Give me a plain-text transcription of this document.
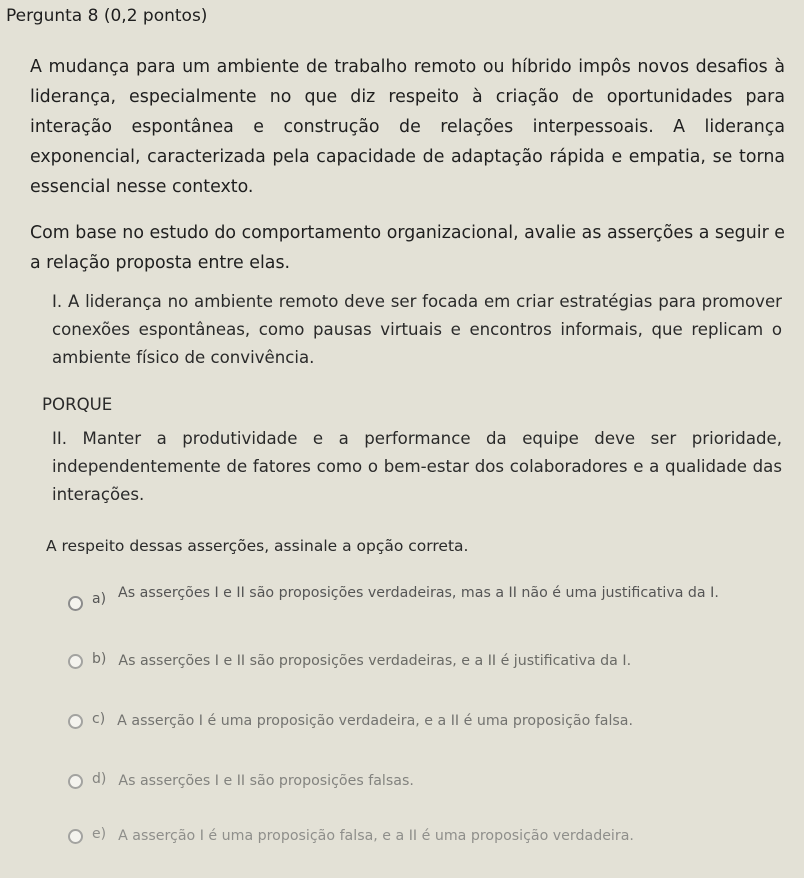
Pergunta 8 (0,2 pontos)
A mudança para um ambiente de trabalho remoto ou híbrido impôs novos desafios à liderança, especialmente no que diz respeito à criação de oportunidades para interação espontânea e construção de relações interpessoais. A liderança exponencial, caracterizada pela capacidade de adaptação rápida e empatia, se torna essencial nesse contexto.
Com base no estudo do comportamento organizacional, avalie as asserções a seguir e a relação proposta entre elas.
I. A liderança no ambiente remoto deve ser focada em criar estratégias para promover conexões espontâneas, como pausas virtuais e encontros informais, que replicam o ambiente físico de convivência.
PORQUE
II. Manter a produtividade e a performance da equipe deve ser prioridade, independentemente de fatores como o bem-estar dos colaboradores e a qualidade das interações.
A respeito dessas asserções, assinale a opção correta.
a) As asserções I e II são proposições verdadeiras, mas a II não é uma justificativa da I.
b) As asserções I e II são proposições verdadeiras, e a II é justificativa da I.
c) A asserção I é uma proposição verdadeira, e a II é uma proposição falsa.
d) As asserções I e II são proposições falsas.
e) A asserção I é uma proposição falsa, e a II é uma proposição verdadeira.
